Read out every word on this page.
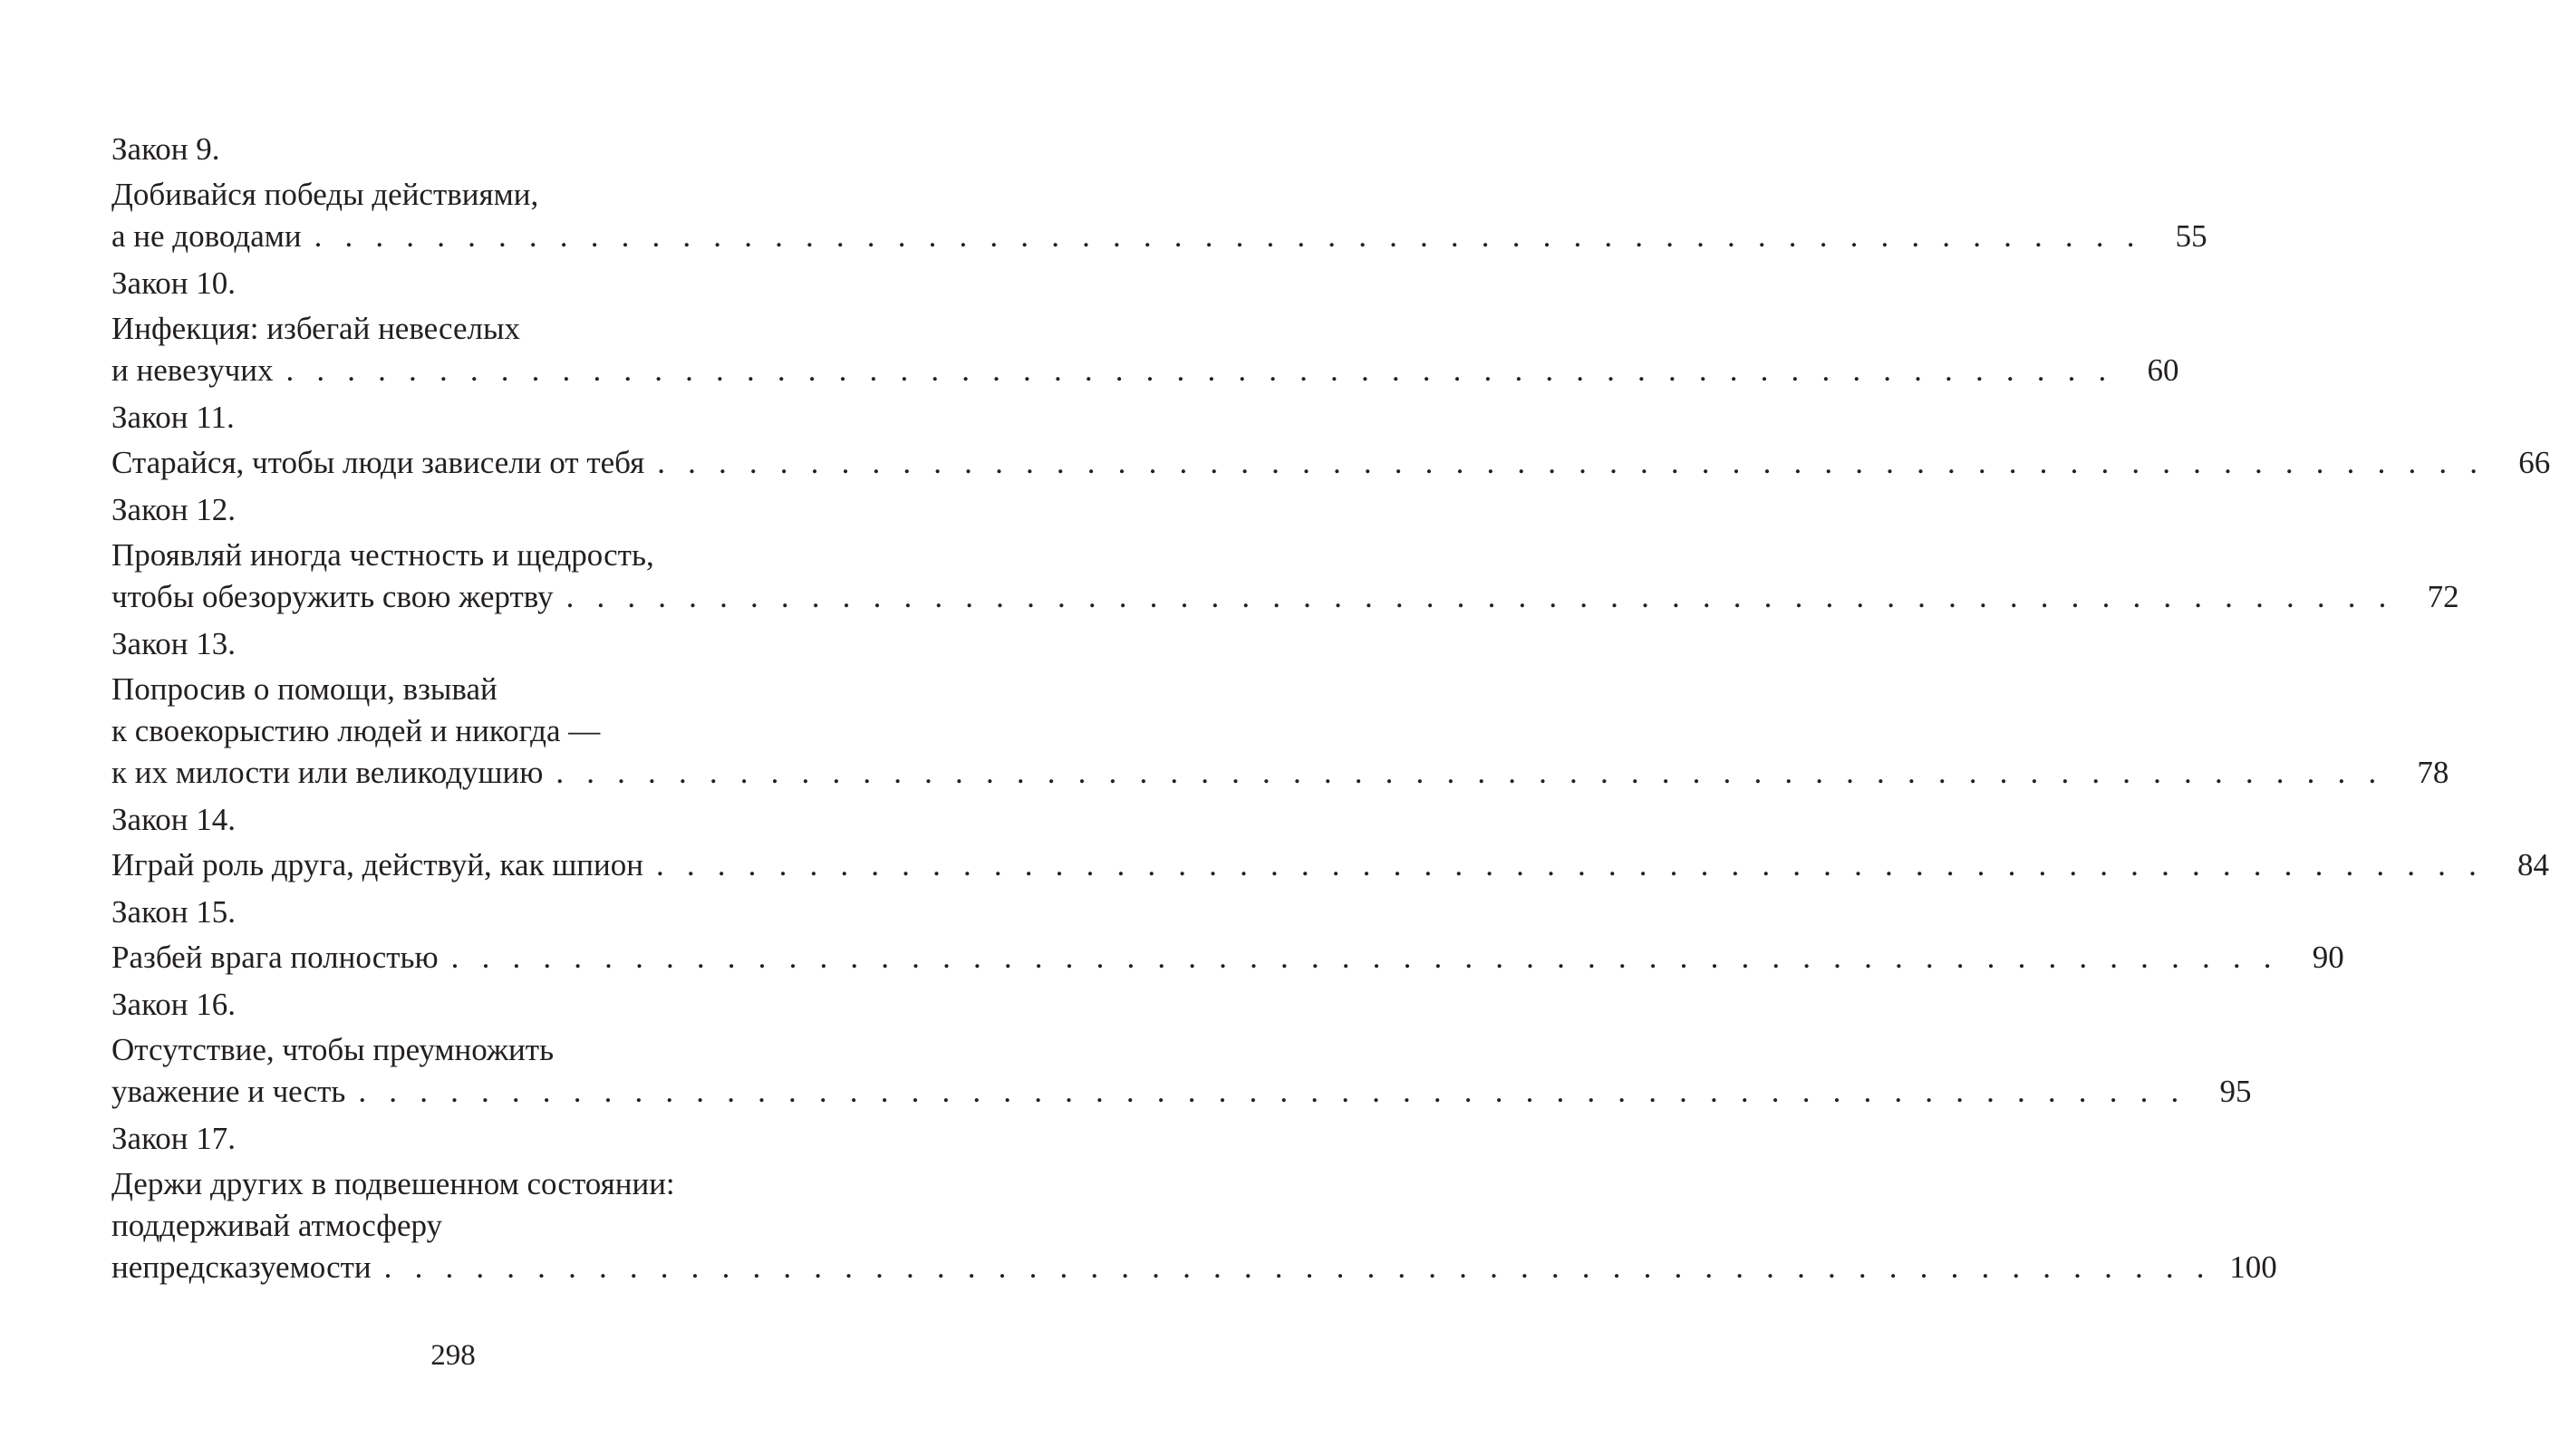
Закон 9.
Добивайся победы действиями,
а не доводами . . . . . . . . . . . . . . . . . . . . . . . . . . . . . . . . . . . . . . . . . . . . . . . . . . . . . . . . . . . .	55
Закон 10.
Инфекция: избегай невеселых
и невезучих . . . . . . . . . . . . . . . . . . . . . . . . . . . . . . . . . . . . . . . . . . . . . . . . . . . . . . . . . . . .	60
Закон 11.
Старайся, чтобы люди зависели от тебя . . . . . . . . . . . . . . . . . . . . . . . . . . . . . . . . . . . . . . . . . . . . . . . . . . . . . . . . . . . .	66
Закон 12.
Проявляй иногда честность и щедрость,
чтобы обезоружить свою жертву . . . . . . . . . . . . . . . . . . . . . . . . . . . . . . . . . . . . . . . . . . . . . . . . . . . . . . . . . . . .	72
Закон 13.
Попросив о помощи, взывай
к своекорыстию людей и никогда —
к их милости или великодушию . . . . . . . . . . . . . . . . . . . . . . . . . . . . . . . . . . . . . . . . . . . . . . . . . . . . . . . . . . . .	78
Закон 14.
Играй роль друга, действуй, как шпион . . . . . . . . . . . . . . . . . . . . . . . . . . . . . . . . . . . . . . . . . . . . . . . . . . . . . . . . . . . .	84
Закон 15.
Разбей врага полностью . . . . . . . . . . . . . . . . . . . . . . . . . . . . . . . . . . . . . . . . . . . . . . . . . . . . . . . . . . . .	90
Закон 16.
Отсутствие, чтобы преумножить
уважение и честь . . . . . . . . . . . . . . . . . . . . . . . . . . . . . . . . . . . . . . . . . . . . . . . . . . . . . . . . . . . .	95
Закон 17.
Держи других в подвешенном состоянии:
поддерживай атмосферу
непредсказуемости . . . . . . . . . . . . . . . . . . . . . . . . . . . . . . . . . . . . . . . . . . . . . . . . . . . . . . . . . . . . 100
298
